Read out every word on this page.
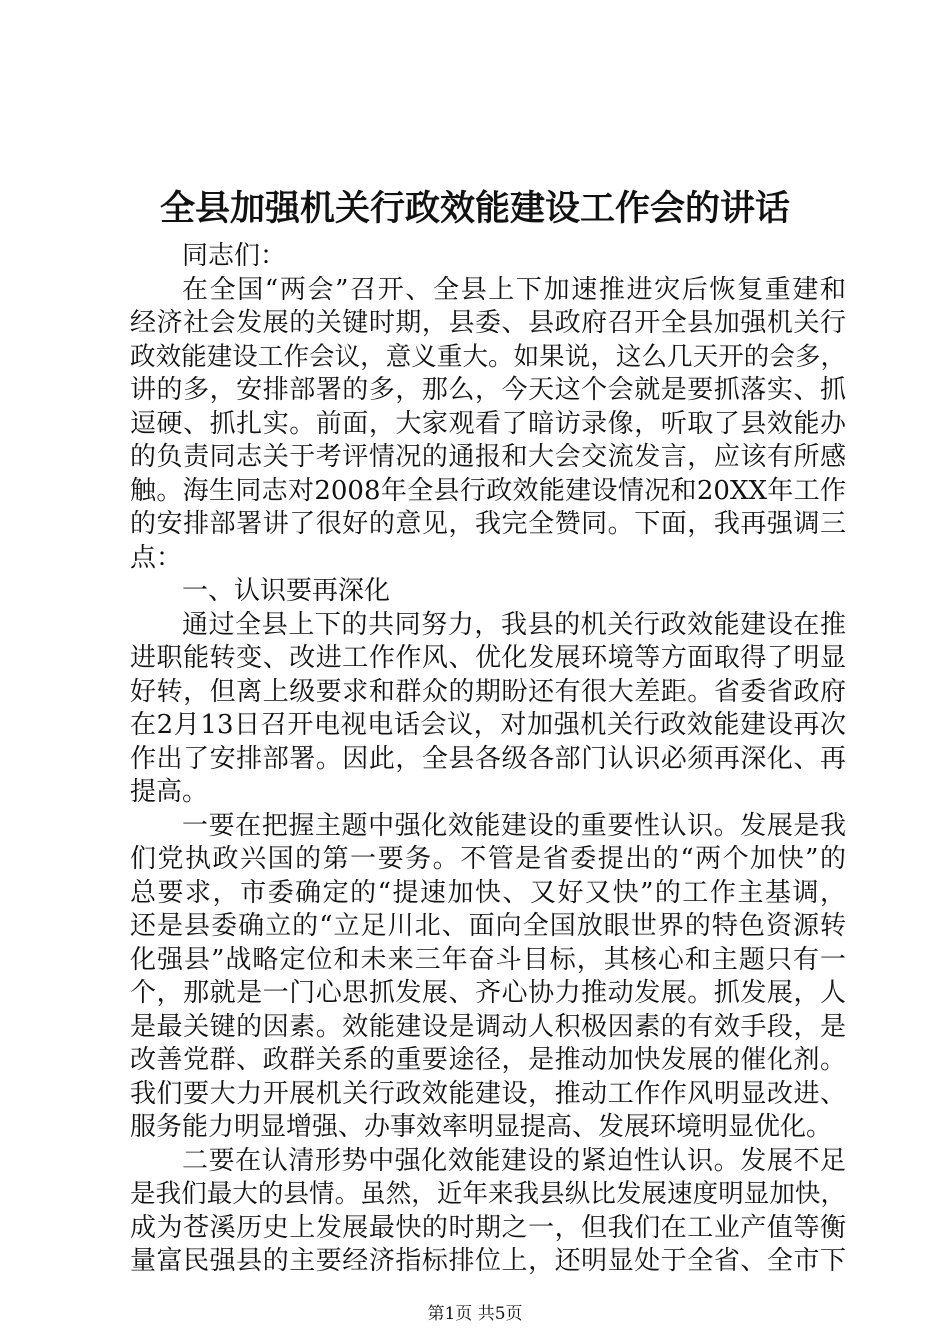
全县加强机关行政效能建设工作会的讲话
同志们：
在全国“两会”召开、全县上下加速推进灾后恢复重建和
经济社会发展的关键时期，县委、县政府召开全县加强机关行
政效能建设工作会议，意义重大。如果说，这么几天开的会多，
讲的多，安排部署的多，那么，今天这个会就是要抓落实、抓
逗硬、抓扎实。前面，大家观看了暗访录像，听取了县效能办
的负责同志关于考评情况的通报和大会交流发言，应该有所感
触。海生同志对2008年全县行政效能建设情况和20XX年工作
的安排部署讲了很好的意见，我完全赞同。下面，我再强调三
点：
一、认识要再深化
通过全县上下的共同努力，我县的机关行政效能建设在推
进职能转变、改进工作作风、优化发展环境等方面取得了明显
好转，但离上级要求和群众的期盼还有很大差距。省委省政府
在2月13日召开电视电话会议，对加强机关行政效能建设再次
作出了安排部署。因此，全县各级各部门认识必须再深化、再
提高。
一要在把握主题中强化效能建设的重要性认识。发展是我
们党执政兴国的第一要务。不管是省委提出的“两个加快”的
总要求，市委确定的“提速加快、又好又快”的工作主基调，
还是县委确立的“立足川北、面向全国放眼世界的特色资源转
化强县”战略定位和未来三年奋斗目标，其核心和主题只有一
个，那就是一门心思抓发展、齐心协力推动发展。抓发展，人
是最关键的因素。效能建设是调动人积极因素的有效手段，是
改善党群、政群关系的重要途径，是推动加快发展的催化剂。
我们要大力开展机关行政效能建设，推动工作作风明显改进、
服务能力明显增强、办事效率明显提高、发展环境明显优化。
二要在认清形势中强化效能建设的紧迫性认识。发展不足
是我们最大的县情。虽然，近年来我县纵比发展速度明显加快，
成为苍溪历史上发展最快的时期之一，但我们在工业产值等衡
量富民强县的主要经济指标排位上，还明显处于全省、全市下
第1页 共5页
